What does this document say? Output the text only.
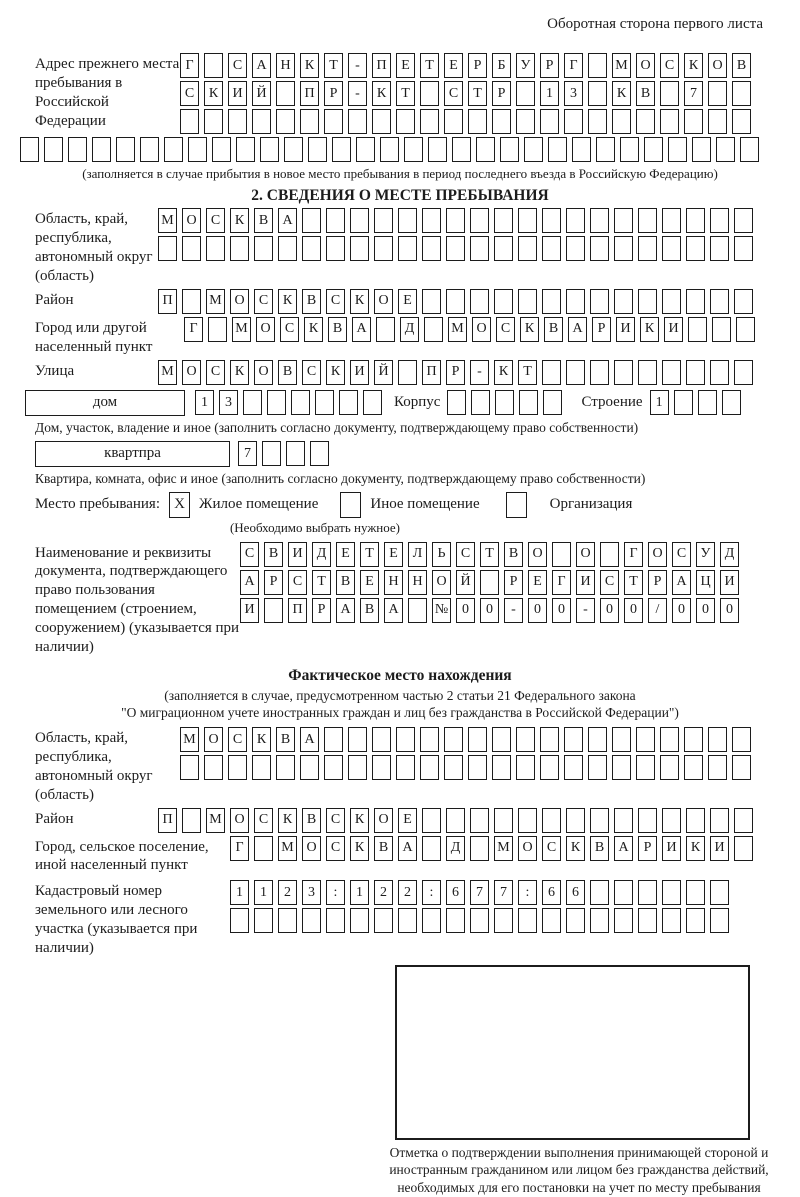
Оборотная сторона первого листа
Адрес прежнего места пребывания в Российской Федерации
Г	С	А Н	К	Т	-	П	Е	Т	Е	Р	Б	У	Р	Г	М О	С	К	О	В
С	К	И Й	П	Р	-	К	Т	С	Т	Р	1	3	К	В	7
(заполняется в случае прибытия в новое место пребывания в период последнего въезда в Российскую Федерацию)
2. СВЕДЕНИЯ О МЕСТЕ ПРЕБЫВАНИЯ
Область, край, республика, автономный округ (область)
М О	С	К	В	А
Район	П	М О	С	К	В	С	К	О	Е
Город или другой населенный пункт
Г	М О	С	К	В	А	Д	М О	С	К	В	А	Р	И	К	И
Улица	М О	С	К	О	В	С	К	И Й	П	Р	-	К	Т
дом	1	3	Корпус	Строение 1
Дом, участок, владение и иное (заполнить согласно документу, подтверждающему право собственности)
квартпра	7
Квартира, комната, офис и иное (заполнить согласно документу, подтверждающему право собственности)
Место пребывания: X Жилое помещение	Иное помещение	Организация
(Необходимо выбрать нужное)
Наименование и реквизиты документа, подтверждающего право пользования помещением (строением, сооружением) (указывается при наличии)
С	В	И	Д	Е	Т	Е	Л	Ь	С	Т	В	О	О	Г	О	С	У	Д
А	Р	С	Т	В	Е	Н Н О Й	Р	Е	Г	И	С	Т	Р	А Ц И
И	П	Р	А	В	А	№ 0	0	-	0	0	-	0	0	/	0	0	0
Фактическое место нахождения
(заполняется в случае, предусмотренном частью 2 статьи 21 Федерального закона
"О миграционном учете иностранных граждан и лиц без гражданства в Российской Федерации")
Область, край, республика, автономный округ (область)
М О	С	К	В	А
Район	П	М О	С	К	В	С	К	О	Е
Город, сельское поселение, иной населенный пункт
Г	М О	С	К	В	А	Д	М О	С	К	В	А	Р	И	К	И
Кадастровый номер земельного или лесного участка (указывается при наличии)
1	1	2	3	:	1	2	2	:	6	7	7	:	6	6
Отметка о подтверждении выполнения принимающей стороной и иностранным гражданином или лицом без гражданства действий, необходимых для его постановки на учет по месту пребывания
